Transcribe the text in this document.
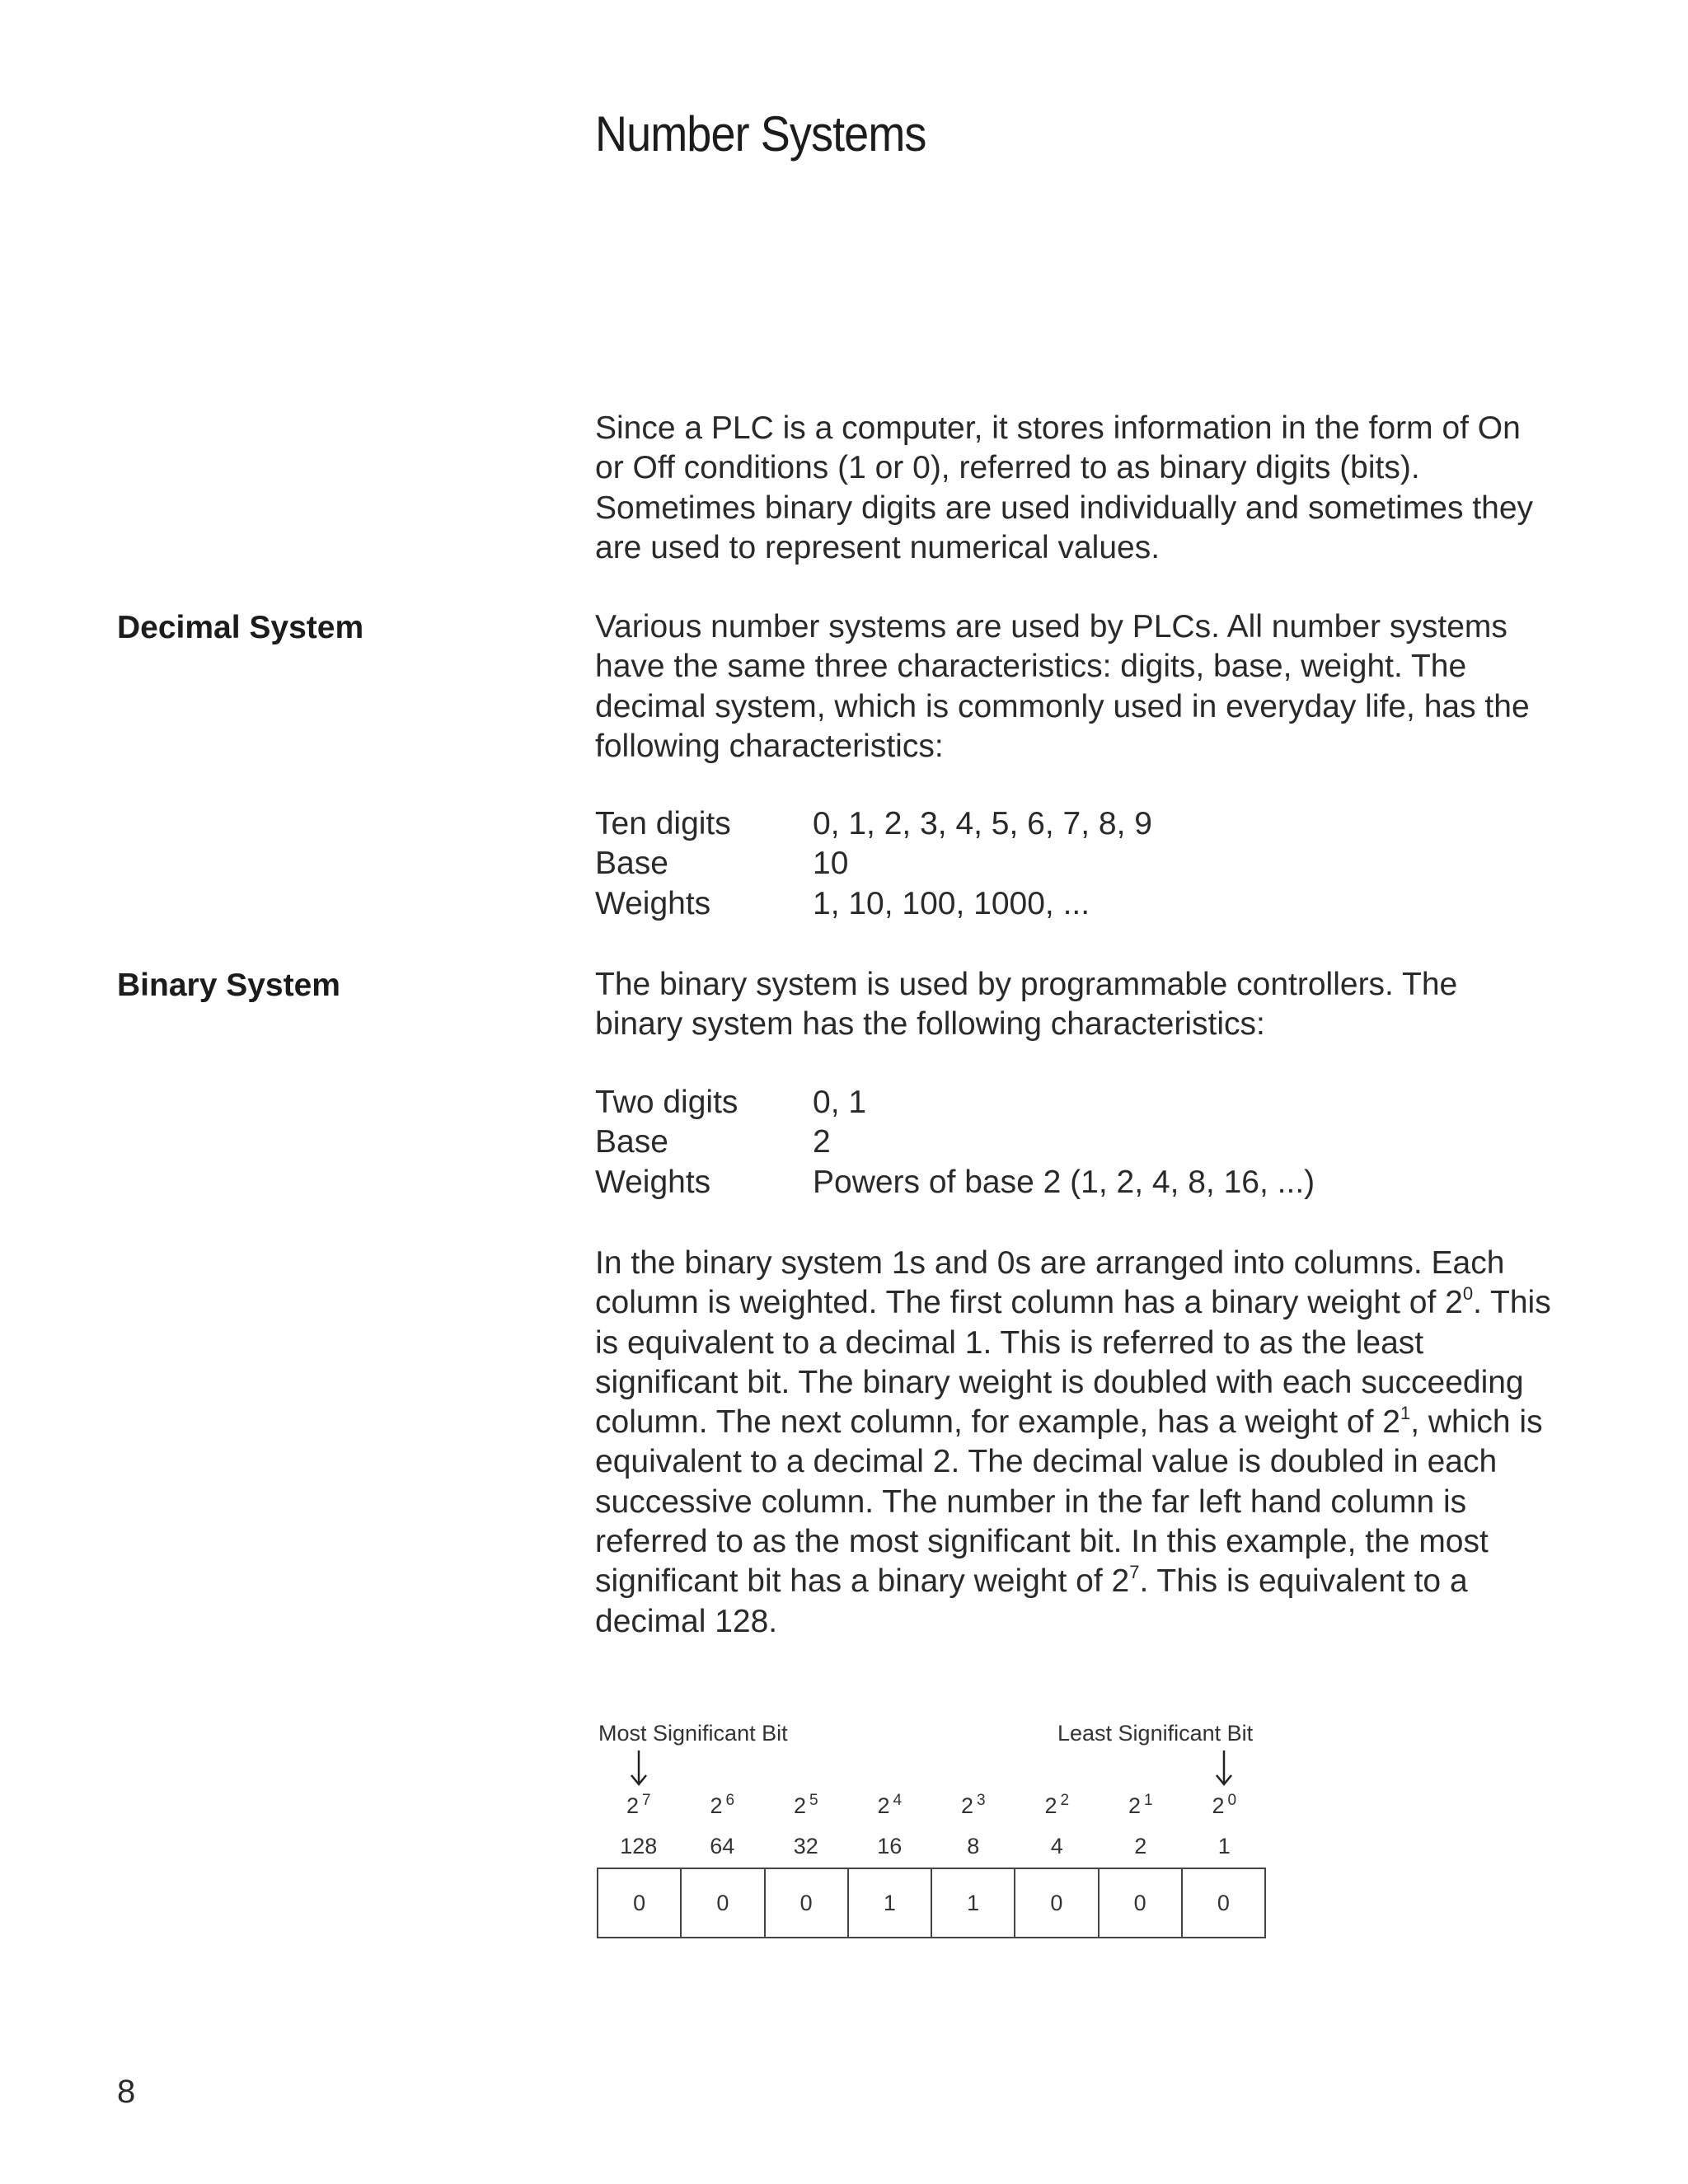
Number Systems

Since a PLC is a computer, it stores information in the form of On or Off conditions (1 or 0), referred to as binary digits (bits). Sometimes binary digits are used individually and sometimes they are used to represent numerical values.

Decimal System	Various number systems are used by PLCs. All number systems have the same three characteristics: digits, base, weight. The decimal system, which is commonly used in everyday life, has the following characteristics:

Ten digits	0, 1, 2, 3, 4, 5, 6, 7, 8, 9
Base	10
Weights	1, 10, 100, 1000, ...
Binary System	The binary system is used by programmable controllers. The binary system has the following characteristics:

Two digits	0, 1
Base	2
Weights	Powers of base 2 (1, 2, 4, 8, 16, ...)

In the binary system 1s and 0s are arranged into columns. Each column is weighted. The first column has a binary weight of $2^0$. This is equivalent to a decimal 1. This is referred to as the least significant bit. The binary weight is doubled with each succeeding column. The next column, for example, has a weight of $2^1$, which is equivalent to a decimal 2. The decimal value is doubled in each successive column. The number in the far left hand column is referred to as the most significant bit. In this example, the most significant bit has a binary weight of $2^7$. This is equivalent to a decimal 128.

Most Significant Bit	Least Significant Bit
2 $^7$	2 $^6$	2 $^5$	2 $^4$	2 $^3$	2 $^2$	2 $^1$	2 $^0$
128	64	32	16	8	4	2	1
0	0	0	1	1	0	0	0
8
